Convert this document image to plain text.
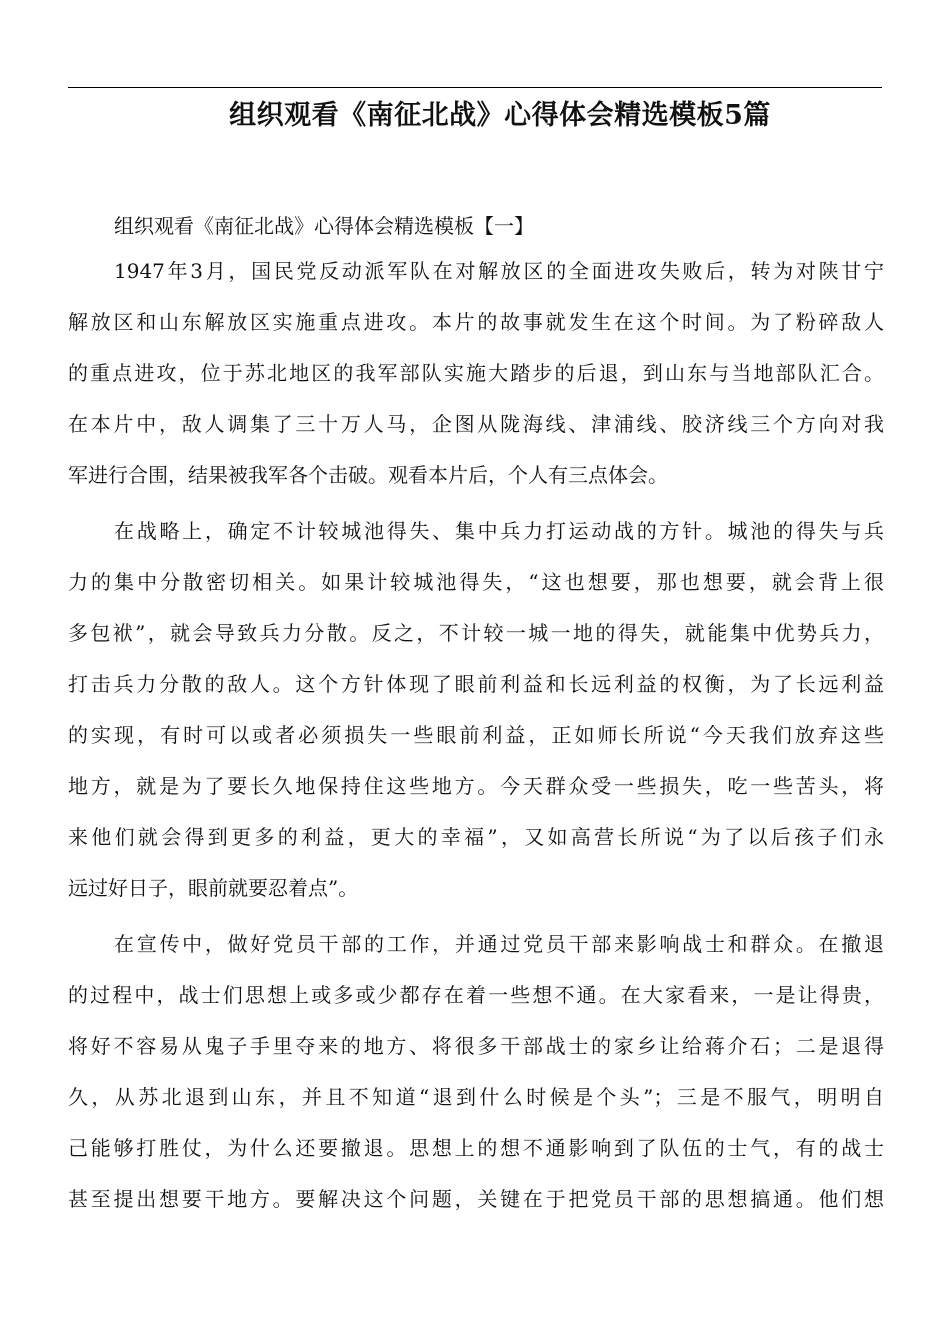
组织观看《南征北战》心得体会精选模板5篇
组织观看《南征北战》心得体会精选模板【一】
1947年3月，国民党反动派军队在对解放区的全面进攻失败后，转为对陕甘宁
解放区和山东解放区实施重点进攻。本片的故事就发生在这个时间。为了粉碎敌人
的重点进攻，位于苏北地区的我军部队实施大踏步的后退，到山东与当地部队汇合。
在本片中，敌人调集了三十万人马，企图从陇海线、津浦线、胶济线三个方向对我
军进行合围，结果被我军各个击破。观看本片后，个人有三点体会。
在战略上，确定不计较城池得失、集中兵力打运动战的方针。城池的得失与兵
力的集中分散密切相关。如果计较城池得失，“这也想要，那也想要，就会背上很
多包袱”，就会导致兵力分散。反之，不计较一城一地的得失，就能集中优势兵力，
打击兵力分散的敌人。这个方针体现了眼前利益和长远利益的权衡，为了长远利益
的实现，有时可以或者必须损失一些眼前利益，正如师长所说“今天我们放弃这些
地方，就是为了要长久地保持住这些地方。今天群众受一些损失，吃一些苦头，将
来他们就会得到更多的利益，更大的幸福”，又如高营长所说“为了以后孩子们永
远过好日子，眼前就要忍着点”。
在宣传中，做好党员干部的工作，并通过党员干部来影响战士和群众。在撤退
的过程中，战士们思想上或多或少都存在着一些想不通。在大家看来，一是让得贵，
将好不容易从鬼子手里夺来的地方、将很多干部战士的家乡让给蒋介石；二是退得
久，从苏北退到山东，并且不知道“退到什么时候是个头”；三是不服气，明明自
己能够打胜仗，为什么还要撤退。思想上的想不通影响到了队伍的士气，有的战士
甚至提出想要干地方。要解决这个问题，关键在于把党员干部的思想搞通。他们想
